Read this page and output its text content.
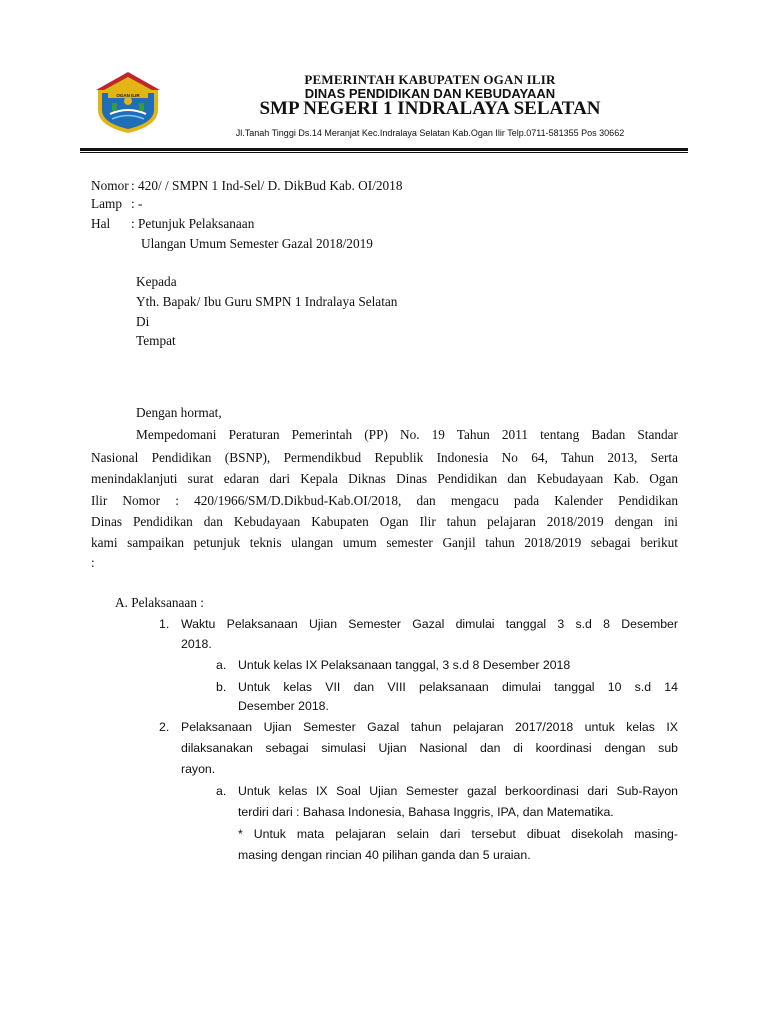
OGAN ILIR
PEMERINTAH KABUPATEN OGAN ILIR
DINAS PENDIDIKAN DAN KEBUDAYAAN
SMP NEGERI 1 INDRALAYA SELATAN
Jl.Tanah Tinggi Ds.14 Meranjat Kec.Indralaya Selatan Kab.Ogan Ilir Telp.0711-581355 Pos 30662
Nomor : 420/ / SMPN 1 Ind-Sel/ D. DikBud Kab. OI/2018
Lamp : -
Hal : Petunjuk Pelaksanaan
Ulangan Umum Semester Gazal 2018/2019
Kepada
Yth. Bapak/ Ibu Guru SMPN 1 Indralaya Selatan
Di
Tempat
Dengan hormat,
Mempedomani Peraturan Pemerintah (PP) No. 19 Tahun 2011 tentang Badan Standar
Nasional Pendidikan (BSNP), Permendikbud Republik Indonesia No 64, Tahun 2013, Serta
menindaklanjuti surat edaran dari Kepala Diknas Dinas Pendidikan dan Kebudayaan Kab. Ogan
Ilir Nomor : 420/1966/SM/D.Dikbud-Kab.OI/2018, dan mengacu pada Kalender Pendidikan
Dinas Pendidikan dan Kebudayaan Kabupaten Ogan Ilir tahun pelajaran 2018/2019 dengan ini
kami sampaikan petunjuk teknis ulangan umum semester Ganjil tahun 2018/2019 sebagai berikut
:
A. Pelaksanaan :
1. Waktu Pelaksanaan Ujian Semester Gazal dimulai tanggal 3 s.d 8 Desember
2018.
a. Untuk kelas IX Pelaksanaan tanggal, 3 s.d 8 Desember 2018
b. Untuk kelas VII dan VIII pelaksanaan dimulai tanggal 10 s.d 14
Desember 2018.
2. Pelaksanaan Ujian Semester Gazal tahun pelajaran 2017/2018 untuk kelas IX
dilaksanakan sebagai simulasi Ujian Nasional dan di koordinasi dengan sub
rayon.
a. Untuk kelas IX Soal Ujian Semester gazal berkoordinasi dari Sub-Rayon
terdiri dari : Bahasa Indonesia, Bahasa Inggris, IPA, dan Matematika.
* Untuk mata pelajaran selain dari tersebut dibuat disekolah masing-
masing dengan rincian 40 pilihan ganda dan 5 uraian.
